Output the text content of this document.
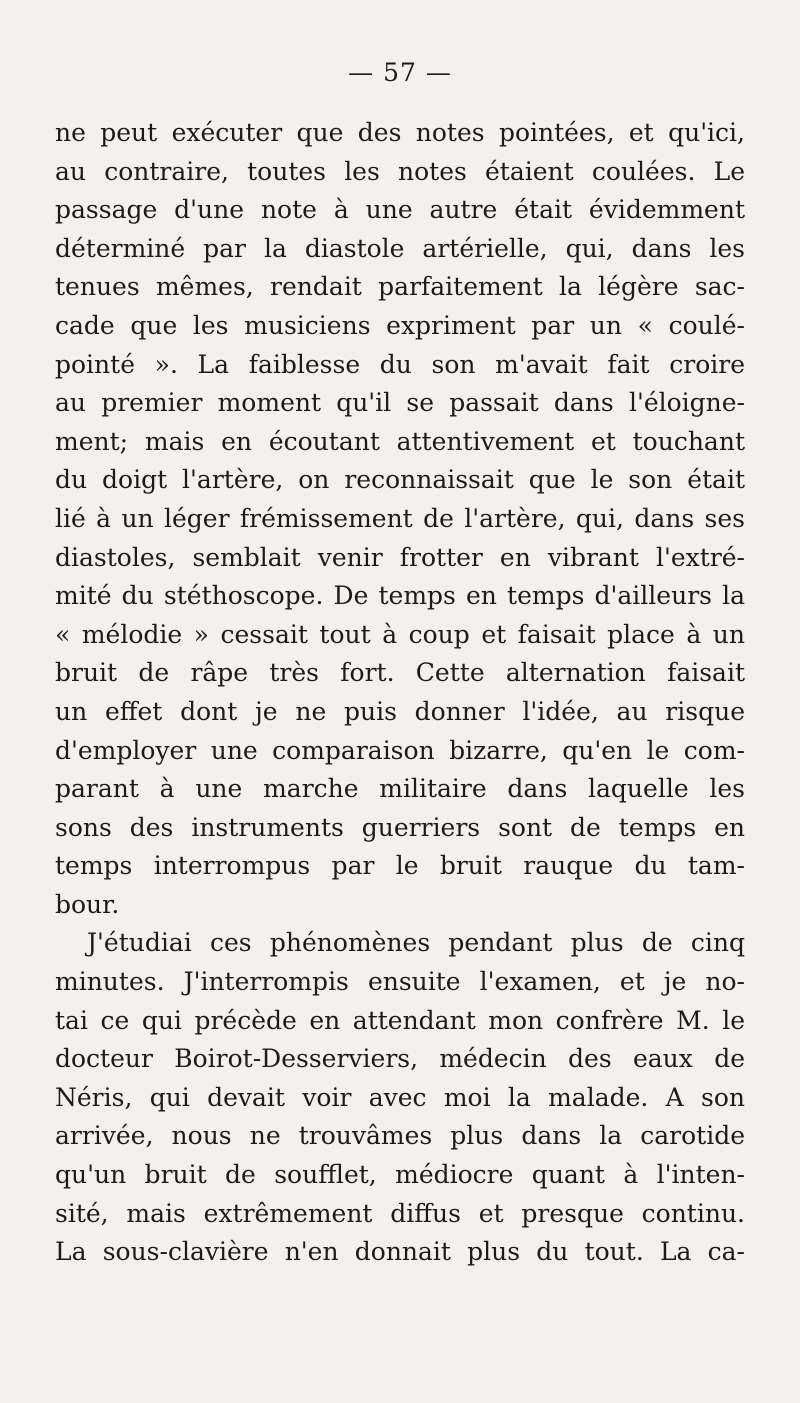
— 57 —
ne peut exécuter que des notes pointées, et qu'ici,
au contraire, toutes les notes étaient coulées. Le
passage d'une note à une autre était évidemment
déterminé par la diastole artérielle, qui, dans les
tenues mêmes, rendait parfaitement la légère sac-
cade que les musiciens expriment par un « coulé-
pointé ». La faiblesse du son m'avait fait croire
au premier moment qu'il se passait dans l'éloigne-
ment; mais en écoutant attentivement et touchant
du doigt l'artère, on reconnaissait que le son était
lié à un léger frémissement de l'artère, qui, dans ses
diastoles, semblait venir frotter en vibrant l'extré-
mité du stéthoscope. De temps en temps d'ailleurs la
« mélodie » cessait tout à coup et faisait place à un
bruit de râpe très fort. Cette alternation faisait
un effet dont je ne puis donner l'idée, au risque
d'employer une comparaison bizarre, qu'en le com-
parant à une marche militaire dans laquelle les
sons des instruments guerriers sont de temps en
temps interrompus par le bruit rauque du tam-
bour.
J'étudiai ces phénomènes pendant plus de cinq
minutes. J'interrompis ensuite l'examen, et je no-
tai ce qui précède en attendant mon confrère M. le
docteur Boirot-Desserviers, médecin des eaux de
Néris, qui devait voir avec moi la malade. A son
arrivée, nous ne trouvâmes plus dans la carotide
qu'un bruit de soufflet, médiocre quant à l'inten-
sité, mais extrêmement diffus et presque continu.
La sous-clavière n'en donnait plus du tout. La ca-
